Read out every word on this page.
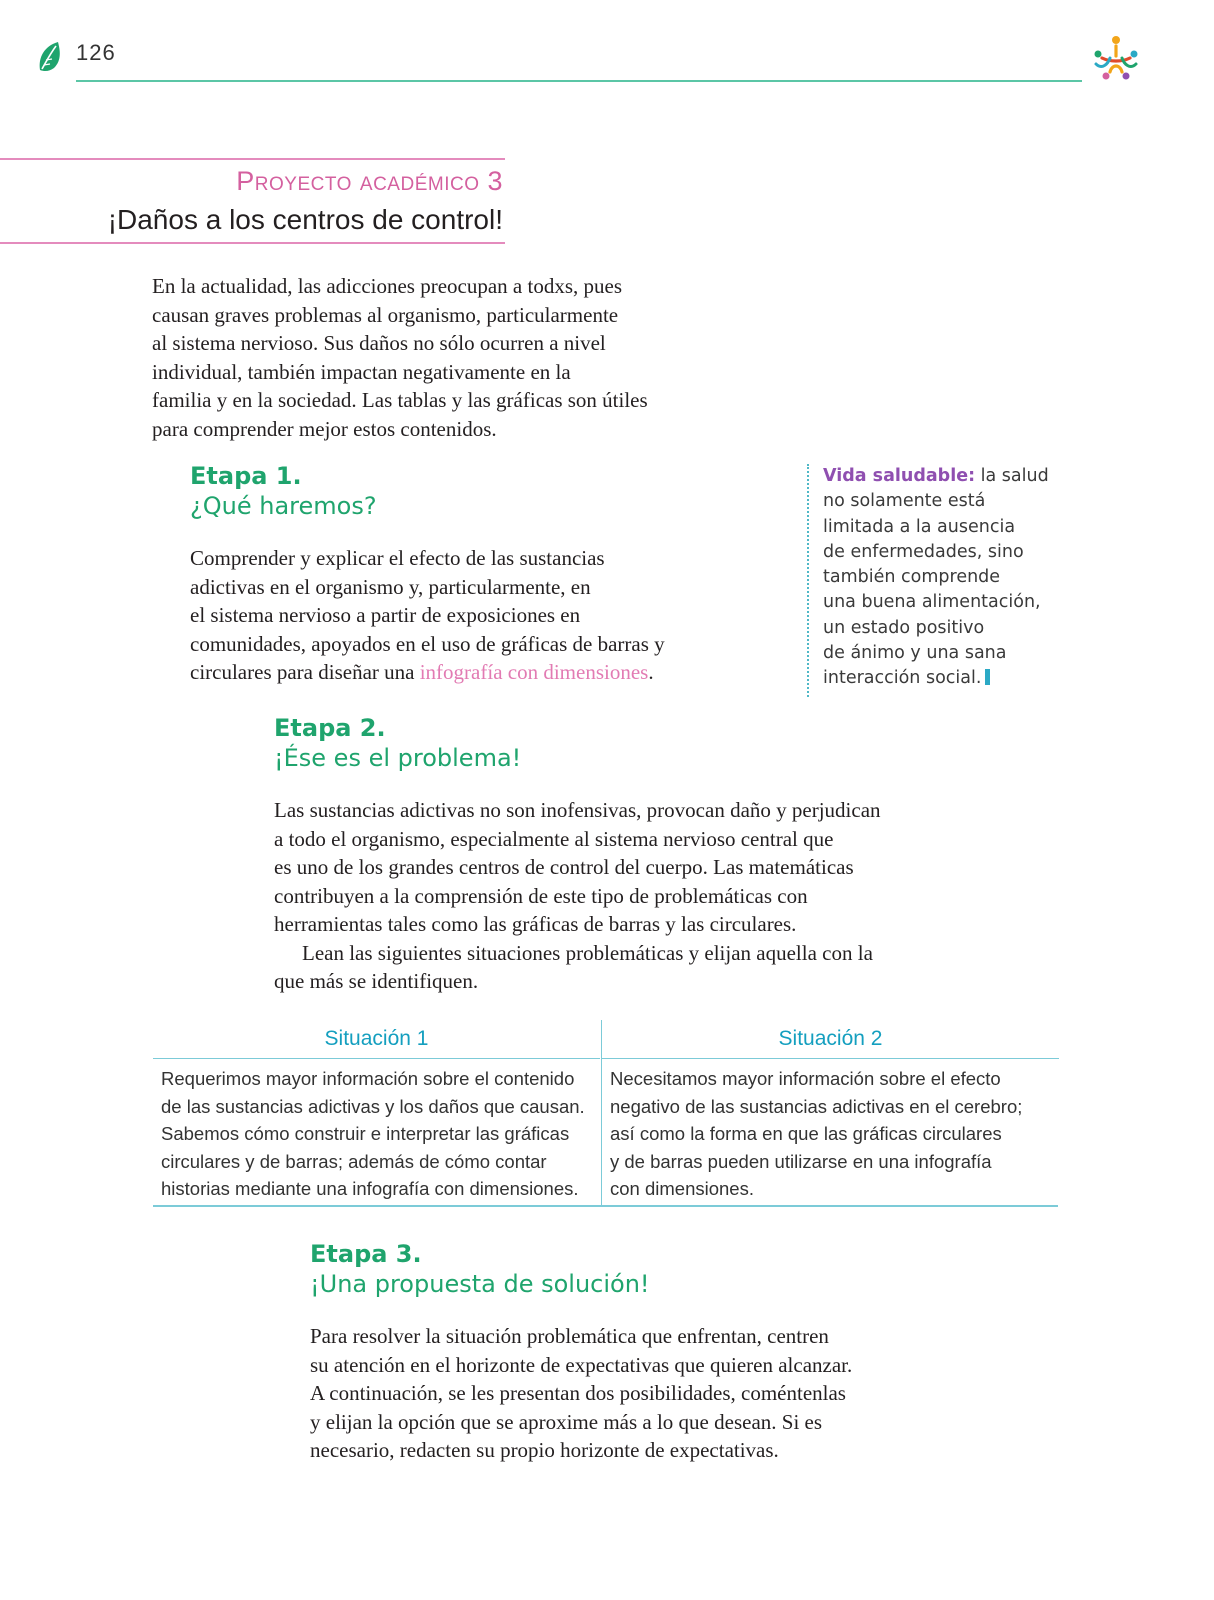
126
Proyecto académico 3
¡Daños a los centros de control!

En la actualidad, las adicciones preocupan a todxs, pues

causan graves problemas al organismo, particularmente

al sistema nervioso. Sus daños no sólo ocurren a nivel

individual, también impactan negativamente en la

familia y en la sociedad. Las tablas y las gráficas son útiles

para comprender mejor estos contenidos.

Etapa 1.

¿Qué haremos?

Comprender y explicar el efecto de las sustancias

adictivas en el organismo y, particularmente, en

el sistema nervioso a partir de exposiciones en

comunidades, apoyados en el uso de gráficas de barras y

circulares para diseñar una infografía con dimensiones.

Vida saludable: la salud

no solamente está

limitada a la ausencia

de enfermedades, sino

también comprende

una buena alimentación,

un estado positivo

de ánimo y una sana

interacción social.

Etapa 2.

¡Ése es el problema!

Las sustancias adictivas no son inofensivas, provocan daño y perjudican

a todo el organismo, especialmente al sistema nervioso central que

es uno de los grandes centros de control del cuerpo. Las matemáticas

contribuyen a la comprensión de este tipo de problemáticas con

herramientas tales como las gráficas de barras y las circulares.

Lean las siguientes situaciones problemáticas y elijan aquella con la

que más se identifiquen.

Situación 1
Requerimos mayor información sobre el contenido
de las sustancias adictivas y los daños que causan.
Sabemos cómo construir e interpretar las gráficas
circulares y de barras; además de cómo contar
historias mediante una infografía con dimensiones.
Situación 2
Necesitamos mayor información sobre el efecto
negativo de las sustancias adictivas en el cerebro;
así como la forma en que las gráficas circulares
y de barras pueden utilizarse en una infografía
con dimensiones.

Etapa 3.

¡Una propuesta de solución!

Para resolver la situación problemática que enfrentan, centren

su atención en el horizonte de expectativas que quieren alcanzar.

A continuación, se les presentan dos posibilidades, coméntenlas

y elijan la opción que se aproxime más a lo que desean. Si es

necesario, redacten su propio horizonte de expectativas.
